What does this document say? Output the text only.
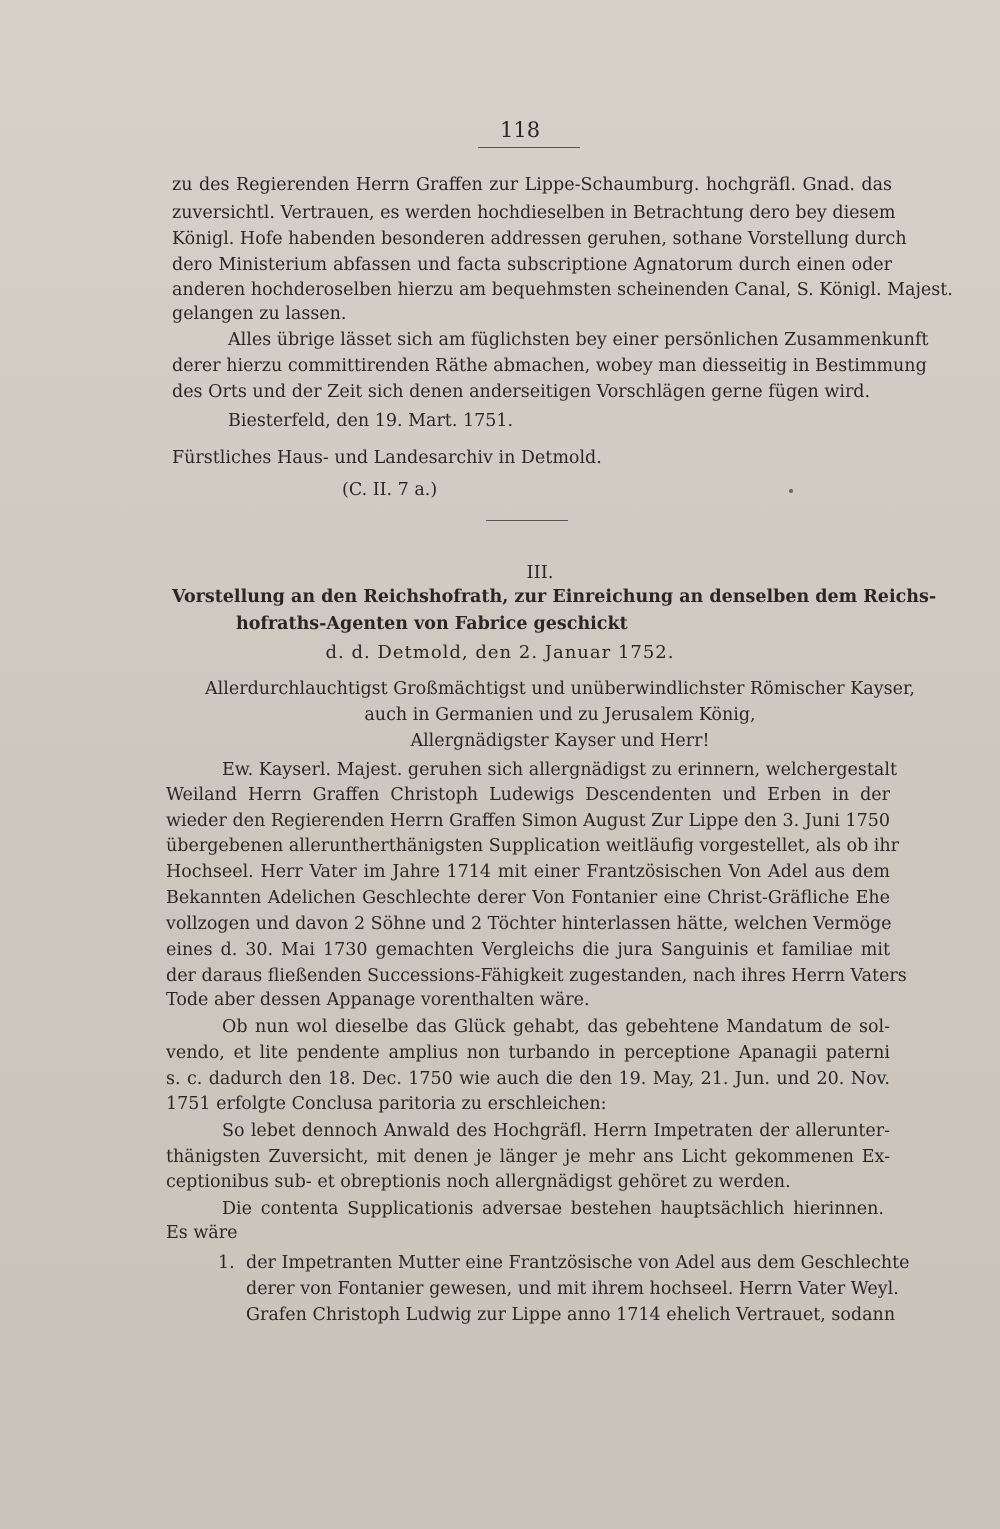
118
zu des Regierenden Herrn Graffen zur Lippe-Schaumburg. hochgräfl. Gnad. das
zuversichtl. Vertrauen, es werden hochdieselben in Betrachtung dero bey diesem
Königl. Hofe habenden besonderen addressen geruhen, sothane Vorstellung durch
dero Ministerium abfassen und facta subscriptione Agnatorum durch einen oder
anderen hochderoselben hierzu am bequehmsten scheinenden Canal, S. Königl. Majest.
gelangen zu lassen.
Alles übrige lässet sich am füglichsten bey einer persönlichen Zusammenkunft
derer hierzu committirenden Räthe abmachen, wobey man diesseitig in Bestimmung
des Orts und der Zeit sich denen anderseitigen Vorschlägen gerne fügen wird.
Biesterfeld, den 19. Mart. 1751.
Fürstliches Haus- und Landesarchiv in Detmold.
(C. II. 7 a.)
III.
Vorstellung an den Reichshofrath, zur Einreichung an denselben dem Reichs-
hofraths-Agenten von Fabrice geschickt
d. d. Detmold, den 2. Januar 1752.
Allerdurchlauchtigst Großmächtigst und unüberwindlichster Römischer Kayser,
auch in Germanien und zu Jerusalem König,
Allergnädigster Kayser und Herr!
Ew. Kayserl. Majest. geruhen sich allergnädigst zu erinnern, welchergestalt
Weiland Herrn Graffen Christoph Ludewigs Descendenten und Erben in der
wieder den Regierenden Herrn Graffen Simon August Zur Lippe den 3. Juni 1750
übergebenen alleruntherthänigsten Supplication weitläufig vorgestellet, als ob ihr
Hochseel. Herr Vater im Jahre 1714 mit einer Frantzösischen Von Adel aus dem
Bekannten Adelichen Geschlechte derer Von Fontanier eine Christ-Gräfliche Ehe
vollzogen und davon 2 Söhne und 2 Töchter hinterlassen hätte, welchen Vermöge
eines d. 30. Mai 1730 gemachten Vergleichs die jura Sanguinis et familiae mit
der daraus fließenden Successions-Fähigkeit zugestanden, nach ihres Herrn Vaters
Tode aber dessen Appanage vorenthalten wäre.
Ob nun wol dieselbe das Glück gehabt, das gebehtene Mandatum de sol-
vendo, et lite pendente amplius non turbando in perceptione Apanagii paterni
s. c. dadurch den 18. Dec. 1750 wie auch die den 19. May, 21. Jun. und 20. Nov.
1751 erfolgte Conclusa paritoria zu erschleichen:
So lebet dennoch Anwald des Hochgräfl. Herrn Impetraten der allerunter-
thänigsten Zuversicht, mit denen je länger je mehr ans Licht gekommenen Ex-
ceptionibus sub- et obreptionis noch allergnädigst gehöret zu werden.
Die contenta Supplicationis adversae bestehen hauptsächlich hierinnen.
Es wäre
1. der Impetranten Mutter eine Frantzösische von Adel aus dem Geschlechte
derer von Fontanier gewesen, und mit ihrem hochseel. Herrn Vater Weyl.
Grafen Christoph Ludwig zur Lippe anno 1714 ehelich Vertrauet, sodann
